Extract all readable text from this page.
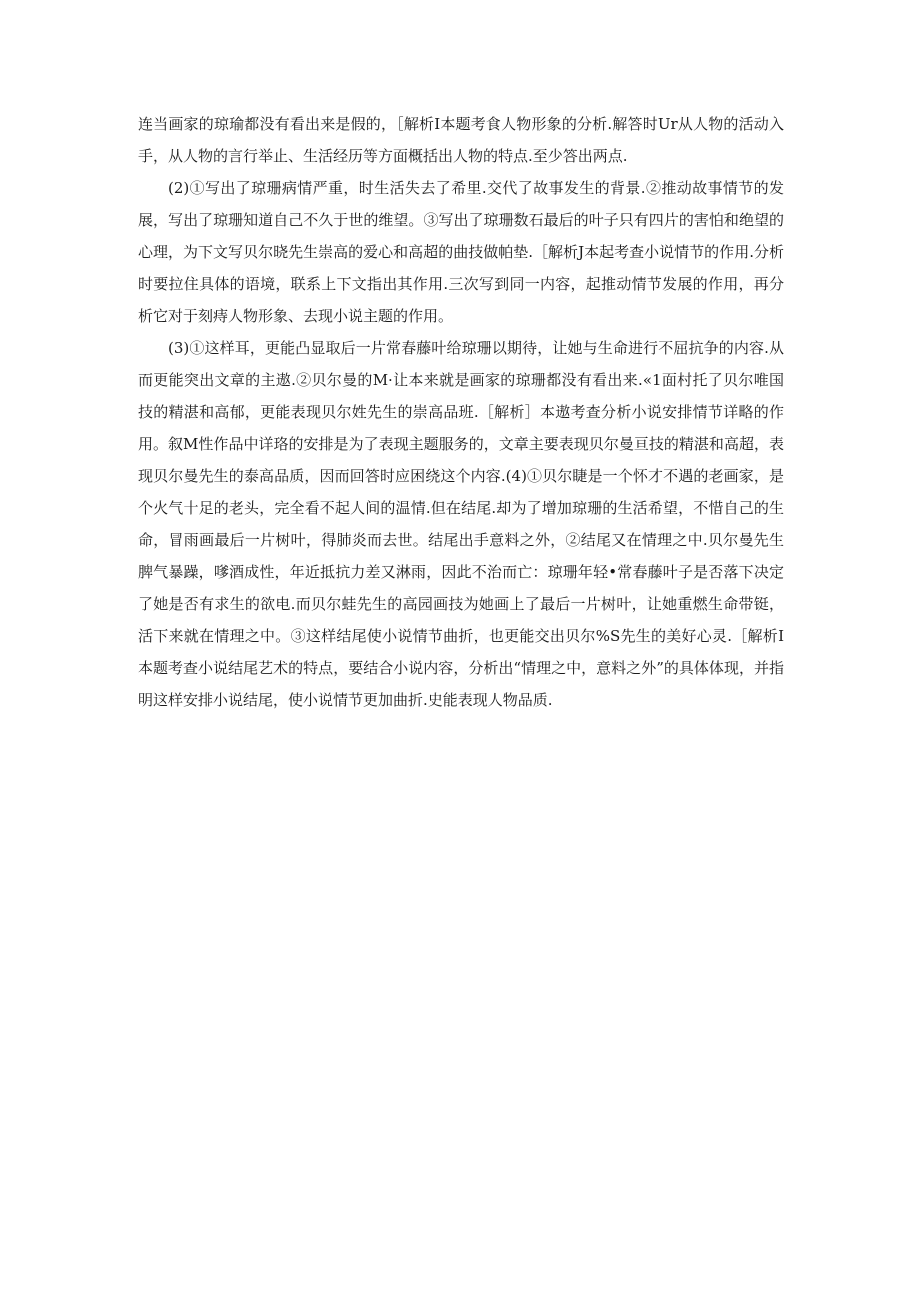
连当画家的琼瑜都没有看出来是假的，［解析I本题考食人物形象的分析.解答时Ur从人物的活动入手，从人物的言行举止、生活经历等方面概括出人物的特点.至少答出两点.

(2)①写出了琼珊病情严重，时生活失去了希里.交代了故事发生的背景.②推动故事情节的发展，写出了琼珊知道自己不久于世的维望。③写出了琼珊数石最后的叶子只有四片的害怕和绝望的心理，为下文写贝尔晓先生崇高的爱心和高超的曲技做帕垫.［解析J本起考查小说情节的作用.分析时要拉住具体的语境，联系上下文指出其作用.三次写到同一内容，起推动情节发展的作用，再分析它对于刻痔人物形象、去现小说主题的作用。

(3)①这样耳，更能凸显取后一片常春藤叶给琼珊以期待，让她与生命进行不屈抗争的内容.从而更能突出文章的主遨.②贝尔曼的M·让本来就是画家的琼珊都没有看出来.«1面村托了贝尔唯国技的精湛和高郁，更能表现贝尔姓先生的崇高品班.［解析］本遨考查分析小说安排情节详略的作用。叙M性作品中详珞的安排是为了表现主题服务的，文章主要表现贝尔曼亘技的精湛和高超，表现贝尔曼先生的泰高品质，因而回答时应困绕这个内容.(4)①贝尔睫是一个怀才不遇的老画家，是个火气十足的老头，完全看不起人间的温情.但在结尾.却为了增加琼珊的生活希望，不惜自己的生命，冒雨画最后一片树叶，得肺炎而去世。结尾出手意料之外，②结尾又在情理之中.贝尔曼先生脾气暴躁，嗲酒成性，年近抵抗力差又淋雨，因此不治而亡：琼珊年轻•常春藤叶子是否落下决定了她是否有求生的欲电.而贝尔蛙先生的高园画技为她画上了最后一片树叶，让她重燃生命带铤，活下来就在情理之中。③这样结尾使小说情节曲折，也更能交出贝尔%S先生的美好心灵.［解析I本题考查小说结尾艺术的特点，要结合小说内容，分析出“情理之中，意料之外”的具体体现，并指明这样安排小说结尾，使小说情节更加曲折.史能表现人物品质.
